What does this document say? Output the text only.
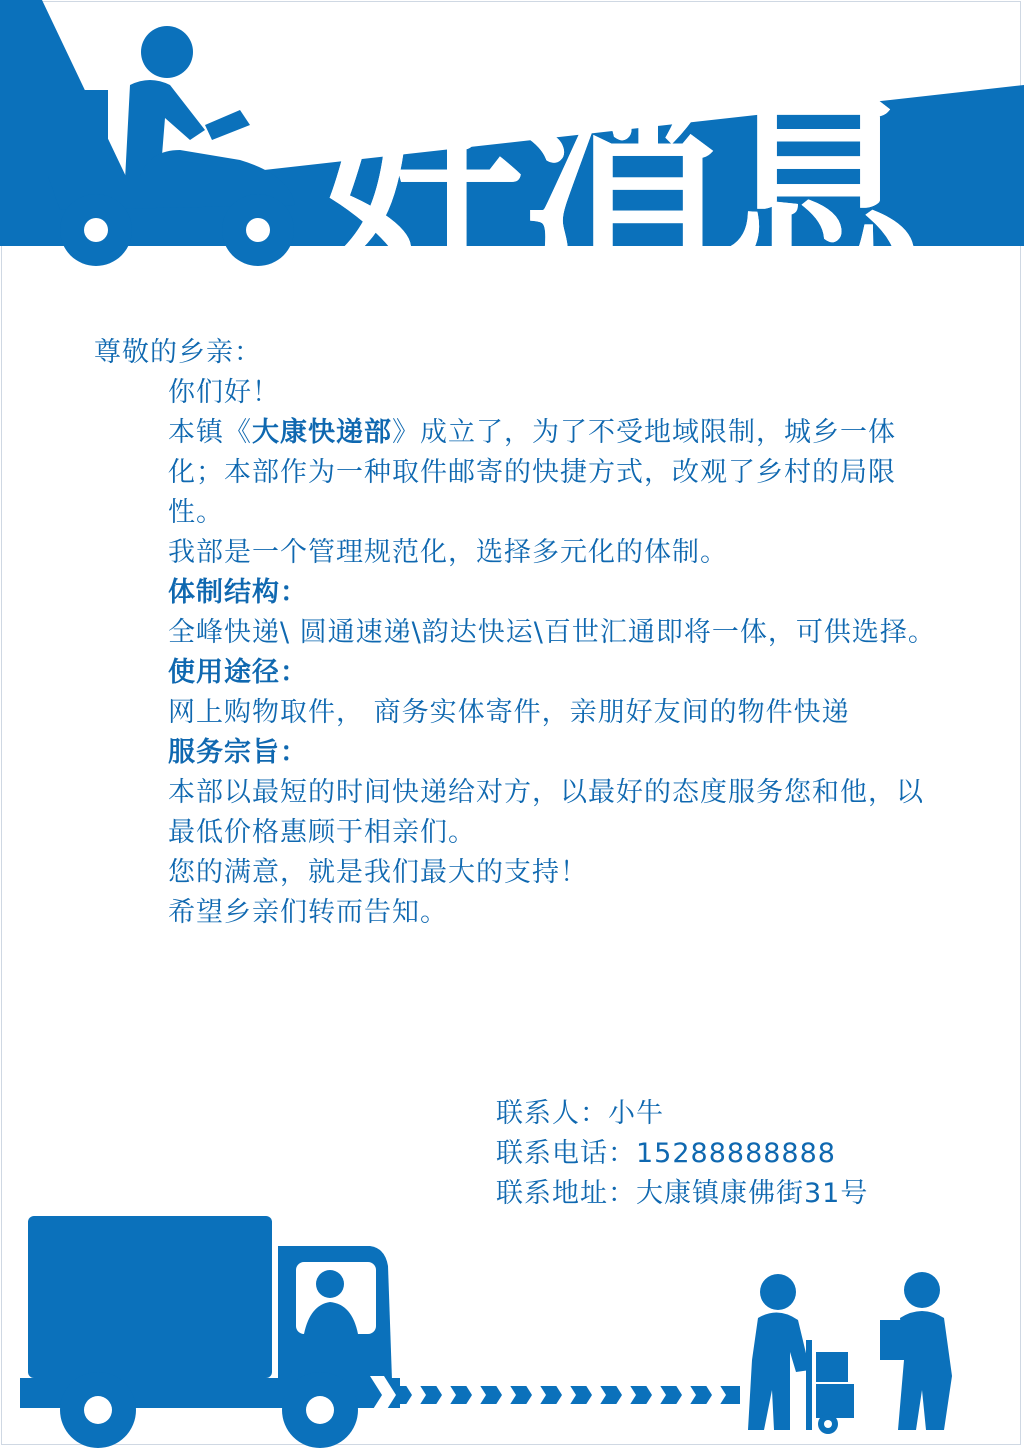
好消息

尊敬的乡亲：

你们好！

本镇《大康快递部》成立了，为了不受地域限制，城乡一体化；本部作为一种取件邮寄的快捷方式，改观了乡村的局限性。

我部是一个管理规范化，选择多元化的体制。

体制结构：

全峰快递\ 圆通速递\韵达快运\百世汇通即将一体，可供选择。

使用途径：

网上购物取件， 商务实体寄件，亲朋好友间的物件快递

服务宗旨：

本部以最短的时间快递给对方，以最好的态度服务您和他，以最低价格惠顾于相亲们。

您的满意，就是我们最大的支持！

希望乡亲们转而告知。

联系人：小牛

联系电话：15288888888

联系地址：大康镇康佛街31号
